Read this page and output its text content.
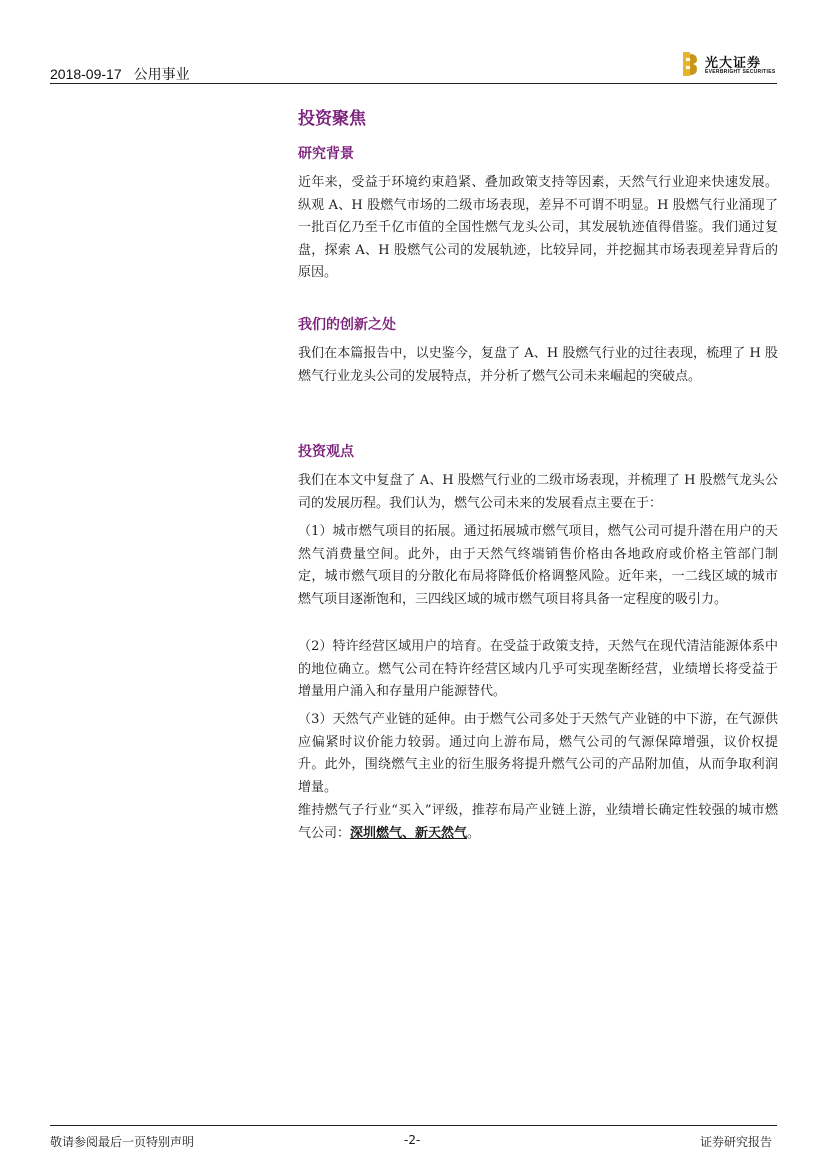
2018-09-17 公用事业
光大证券
EVERBRIGHT SECURITIES
投资聚焦
研究背景
近年来，受益于环境约束趋紧、叠加政策支持等因素，天然气行业迎来快速发展。纵观 A、H 股燃气市场的二级市场表现，差异不可谓不明显。H 股燃气行业涌现了一批百亿乃至千亿市值的全国性燃气龙头公司，其发展轨迹值得借鉴。我们通过复盘，探索 A、H 股燃气公司的发展轨迹，比较异同，并挖掘其市场表现差异背后的原因。
我们的创新之处
我们在本篇报告中，以史鉴今，复盘了 A、H 股燃气行业的过往表现，梳理了 H 股燃气行业龙头公司的发展特点，并分析了燃气公司未来崛起的突破点。
投资观点
我们在本文中复盘了 A、H 股燃气行业的二级市场表现，并梳理了 H 股燃气龙头公司的发展历程。我们认为，燃气公司未来的发展看点主要在于：
（1）城市燃气项目的拓展。通过拓展城市燃气项目，燃气公司可提升潜在用户的天然气消费量空间。此外，由于天然气终端销售价格由各地政府或价格主管部门制定，城市燃气项目的分散化布局将降低价格调整风险。近年来，一二线区域的城市燃气项目逐渐饱和，三四线区域的城市燃气项目将具备一定程度的吸引力。
（2）特许经营区域用户的培育。在受益于政策支持，天然气在现代清洁能源体系中的地位确立。燃气公司在特许经营区域内几乎可实现垄断经营，业绩增长将受益于增量用户涌入和存量用户能源替代。
（3）天然气产业链的延伸。由于燃气公司多处于天然气产业链的中下游，在气源供应偏紧时议价能力较弱。通过向上游布局，燃气公司的气源保障增强，议价权提升。此外，围绕燃气主业的衍生服务将提升燃气公司的产品附加值，从而争取利润增量。
维持燃气子行业“买入”评级，推荐布局产业链上游，业绩增长确定性较强的城市燃气公司：深圳燃气、新天然气。
敬请参阅最后一页特别声明	-2-	证券研究报告
